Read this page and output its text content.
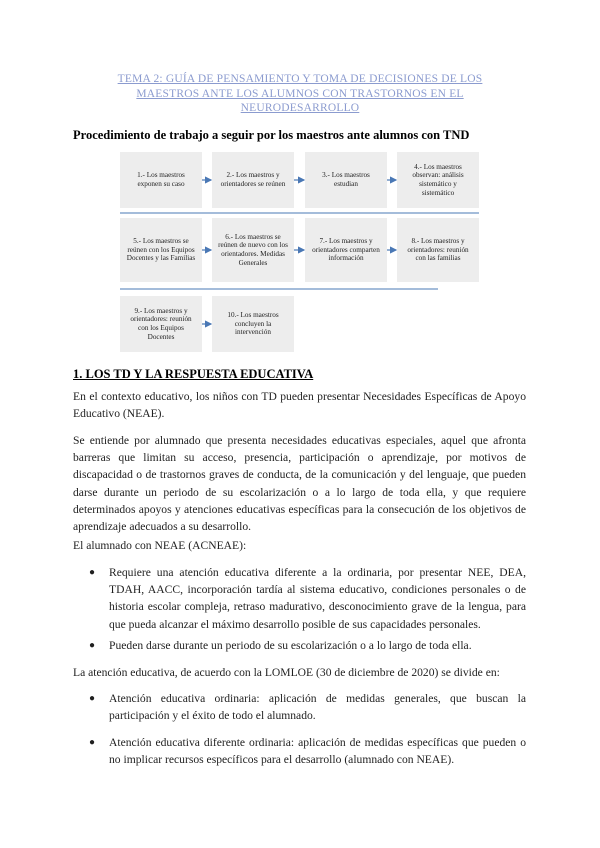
TEMA 2: GUÍA DE PENSAMIENTO Y TOMA DE DECISIONES DE LOS MAESTROS ANTE LOS ALUMNOS CON TRASTORNOS EN EL NEURODESARROLLO
Procedimiento de trabajo a seguir por los maestros ante alumnos con TND
1.- Los maestros exponen su caso
2.- Los maestros y orientadores se reúnen
3.- Los maestros estudian
4.- Los maestros observan: análisis sistemático y sistemático
5.- Los maestros se reúnen con los Equipos Docentes y las Familias
6.- Los maestros se reúnen de nuevo con los orientadores. Medidas Generales
7.- Los maestros y orientadores comparten información
8.- Los maestros y orientadores: reunión con las familias
9.- Los maestros y orientadores: reunión con los Equipos Docentes
10.- Los maestros concluyen la intervención
1. LOS TD Y LA RESPUESTA EDUCATIVA
En el contexto educativo, los niños con TD pueden presentar Necesidades Específicas de Apoyo Educativo (NEAE).
Se entiende por alumnado que presenta necesidades educativas especiales, aquel que afronta barreras que limitan su acceso, presencia, participación o aprendizaje, por motivos de discapacidad o de trastornos graves de conducta, de la comunicación y del lenguaje, que pueden darse durante un periodo de su escolarización o a lo largo de toda ella, y que requiere determinados apoyos y atenciones educativas específicas para la consecución de los objetivos de aprendizaje adecuados a su desarrollo.
El alumnado con NEAE (ACNEAE):
● Requiere una atención educativa diferente a la ordinaria, por presentar NEE, DEA, TDAH, AACC, incorporación tardía al sistema educativo, condiciones personales o de historia escolar compleja, retraso madurativo, desconocimiento grave de la lengua, para que pueda alcanzar el máximo desarrollo posible de sus capacidades personales.
● Pueden darse durante un periodo de su escolarización o a lo largo de toda ella.
La atención educativa, de acuerdo con la LOMLOE (30 de diciembre de 2020) se divide en:
● Atención educativa ordinaria: aplicación de medidas generales, que buscan la participación y el éxito de todo el alumnado.
● Atención educativa diferente ordinaria: aplicación de medidas específicas que pueden o no implicar recursos específicos para el desarrollo (alumnado con NEAE).
